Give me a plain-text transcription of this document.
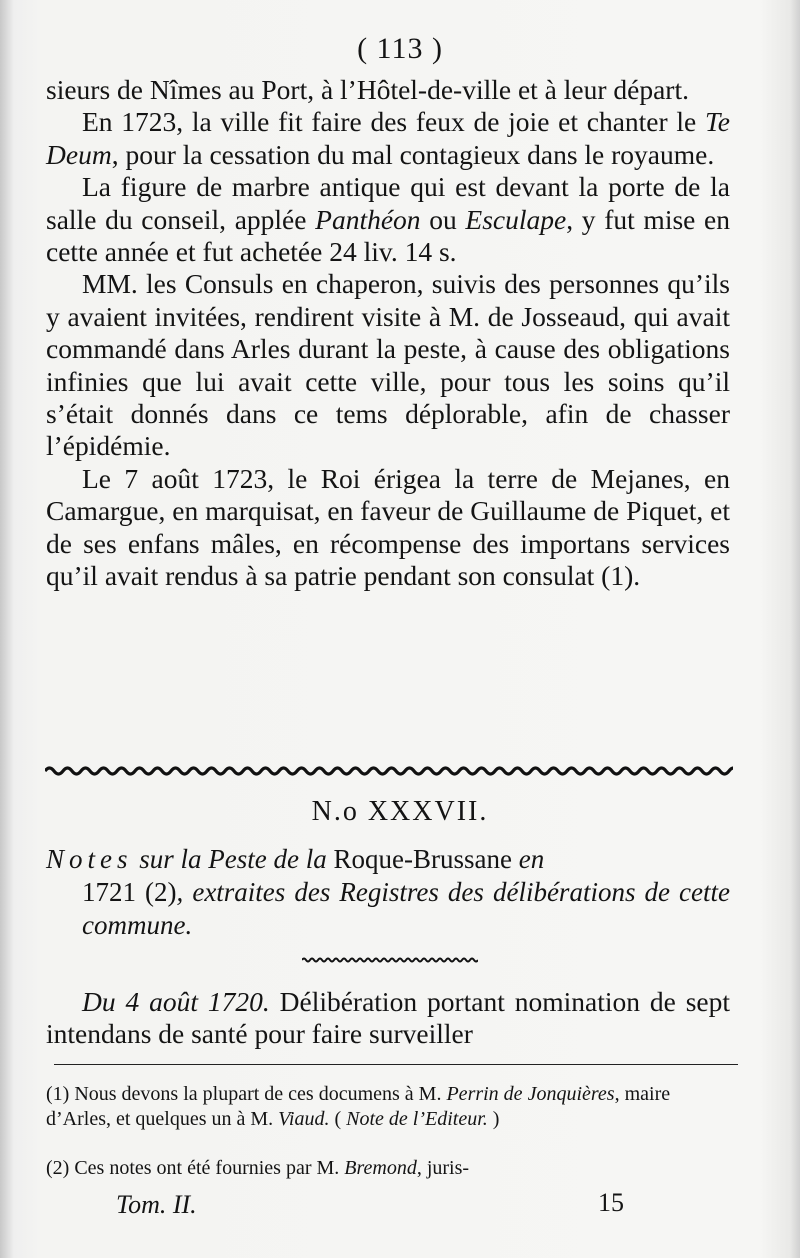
( 113 )

sieurs de Nîmes au Port, à l’Hôtel-de-ville et à leur départ.

En 1723, la ville fit faire des feux de joie et chanter le Te Deum, pour la cessation du mal contagieux dans le royaume.

La figure de marbre antique qui est devant la porte de la salle du conseil, applée Panthéon ou Esculape, y fut mise en cette année et fut achetée 24 liv. 14 s.

MM. les Consuls en chaperon, suivis des personnes qu’ils y avaient invitées, rendirent visite à M. de Josseaud, qui avait commandé dans Arles durant la peste, à cause des obligations infinies que lui avait cette ville, pour tous les soins qu’il s’était donnés dans ce tems déplorable, afin de chasser l’épidémie.

Le 7 août 1723, le Roi érigea la terre de Mejanes, en Camargue, en marquisat, en faveur de Guillaume de Piquet, et de ses enfans mâles, en récompense des importans services qu’il avait rendus à sa patrie pendant son consulat (1).

N.o XXXVII.
Notes sur la Peste de la Roque-Brussane en
1721 (2), extraites des Registres des délibérations de cette commune.
Du 4 août 1720. Délibération portant nomination de sept intendans de santé pour faire surveiller
(1) Nous devons la plupart de ces documens à M. Perrin de Jonquières, maire d’Arles, et quelques un à M. Viaud. ( Note de l’Editeur. )
(2) Ces notes ont été fournies par M. Bremond, juris-
Tom. II.	15
